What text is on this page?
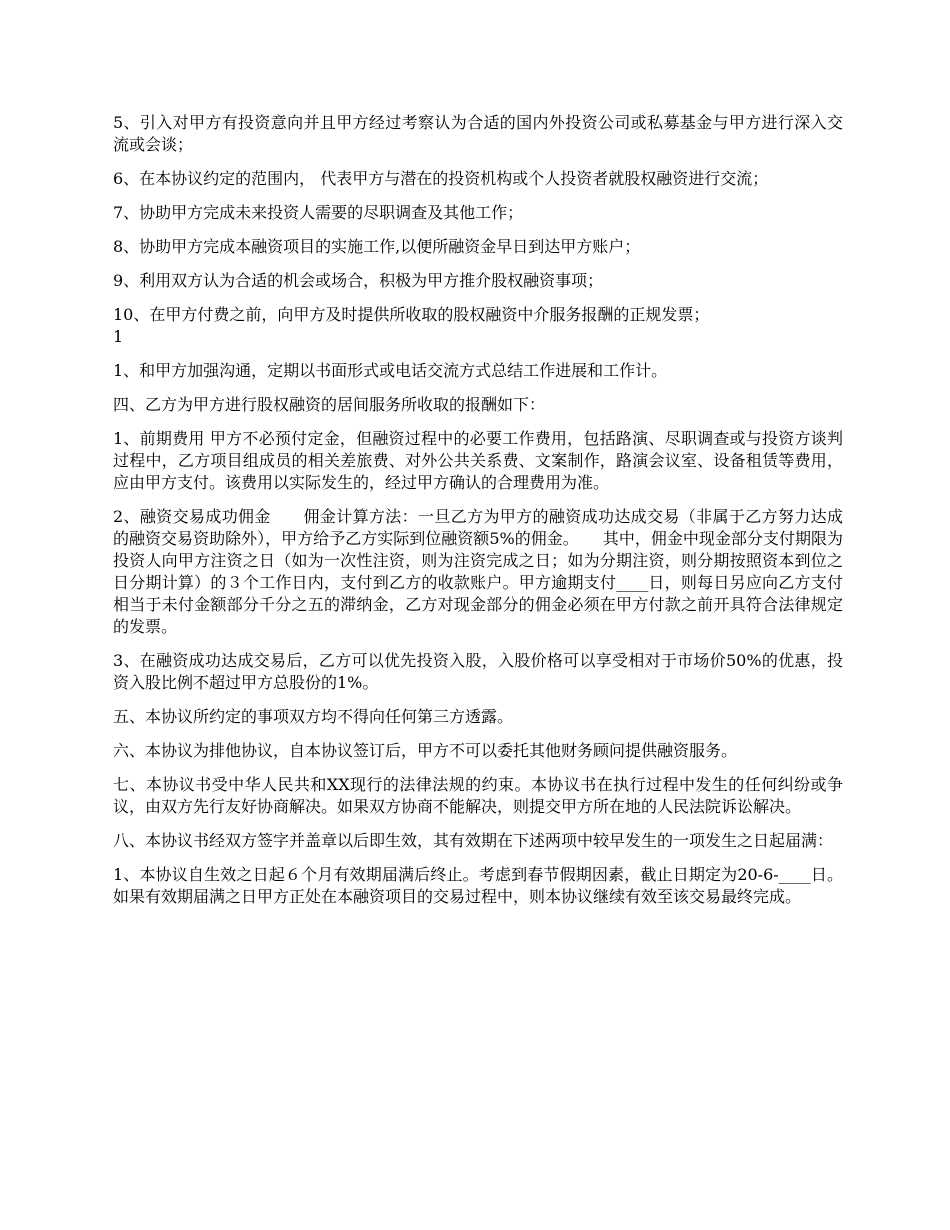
5、引入对甲方有投资意向并且甲方经过考察认为合适的国内外投资公司或私募基金与甲方进行深入交流或会谈；

6、在本协议约定的范围内， 代表甲方与潜在的投资机构或个人投资者就股权融资进行交流；

7、协助甲方完成未来投资人需要的尽职调查及其他工作；

8、协助甲方完成本融资项目的实施工作,以便所融资金早日到达甲方账户；

9、利用双方认为合适的机会或场合，积极为甲方推介股权融资事项；

10、在甲方付费之前，向甲方及时提供所收取的股权融资中介服务报酬的正规发票；

1

1、和甲方加强沟通，定期以书面形式或电话交流方式总结工作进展和工作计。

四、乙方为甲方进行股权融资的居间服务所收取的报酬如下：

1、前期费用 甲方不必预付定金，但融资过程中的必要工作费用，包括路演、尽职调查或与投资方谈判过程中，乙方项目组成员的相关差旅费、对外公共关系费、文案制作，路演会议室、设备租赁等费用，应由甲方支付。该费用以实际发生的，经过甲方确认的合理费用为准。

2、融资交易成功佣金　　佣金计算方法：一旦乙方为甲方的融资成功达成交易（非属于乙方努力达成的融资交易资助除外），甲方给予乙方实际到位融资额5%的佣金。　　其中，佣金中现金部分支付期限为投资人向甲方注资之日（如为一次性注资，则为注资完成之日；如为分期注资，则分期按照资本到位之日分期计算）的３个工作日内，支付到乙方的收款账户。甲方逾期支付____日，则每日另应向乙方支付相当于未付金额部分千分之五的滞纳金，乙方对现金部分的佣金必须在甲方付款之前开具符合法律规定的发票。

3、在融资成功达成交易后，乙方可以优先投资入股，入股价格可以享受相对于市场价50%的优惠，投资入股比例不超过甲方总股份的1%。

五、本协议所约定的事项双方均不得向任何第三方透露。

六、本协议为排他协议，自本协议签订后，甲方不可以委托其他财务顾问提供融资服务。

七、本协议书受中华人民共和XX现行的法律法规的约束。本协议书在执行过程中发生的任何纠纷或争议，由双方先行友好协商解决。如果双方协商不能解决，则提交甲方所在地的人民法院诉讼解决。

八、本协议书经双方签字并盖章以后即生效，其有效期在下述两项中较早发生的一项发生之日起届满：

1、本协议自生效之日起６个月有效期届满后终止。考虑到春节假期因素，截止日期定为20-6-____日。如果有效期届满之日甲方正处在本融资项目的交易过程中，则本协议继续有效至该交易最终完成。
